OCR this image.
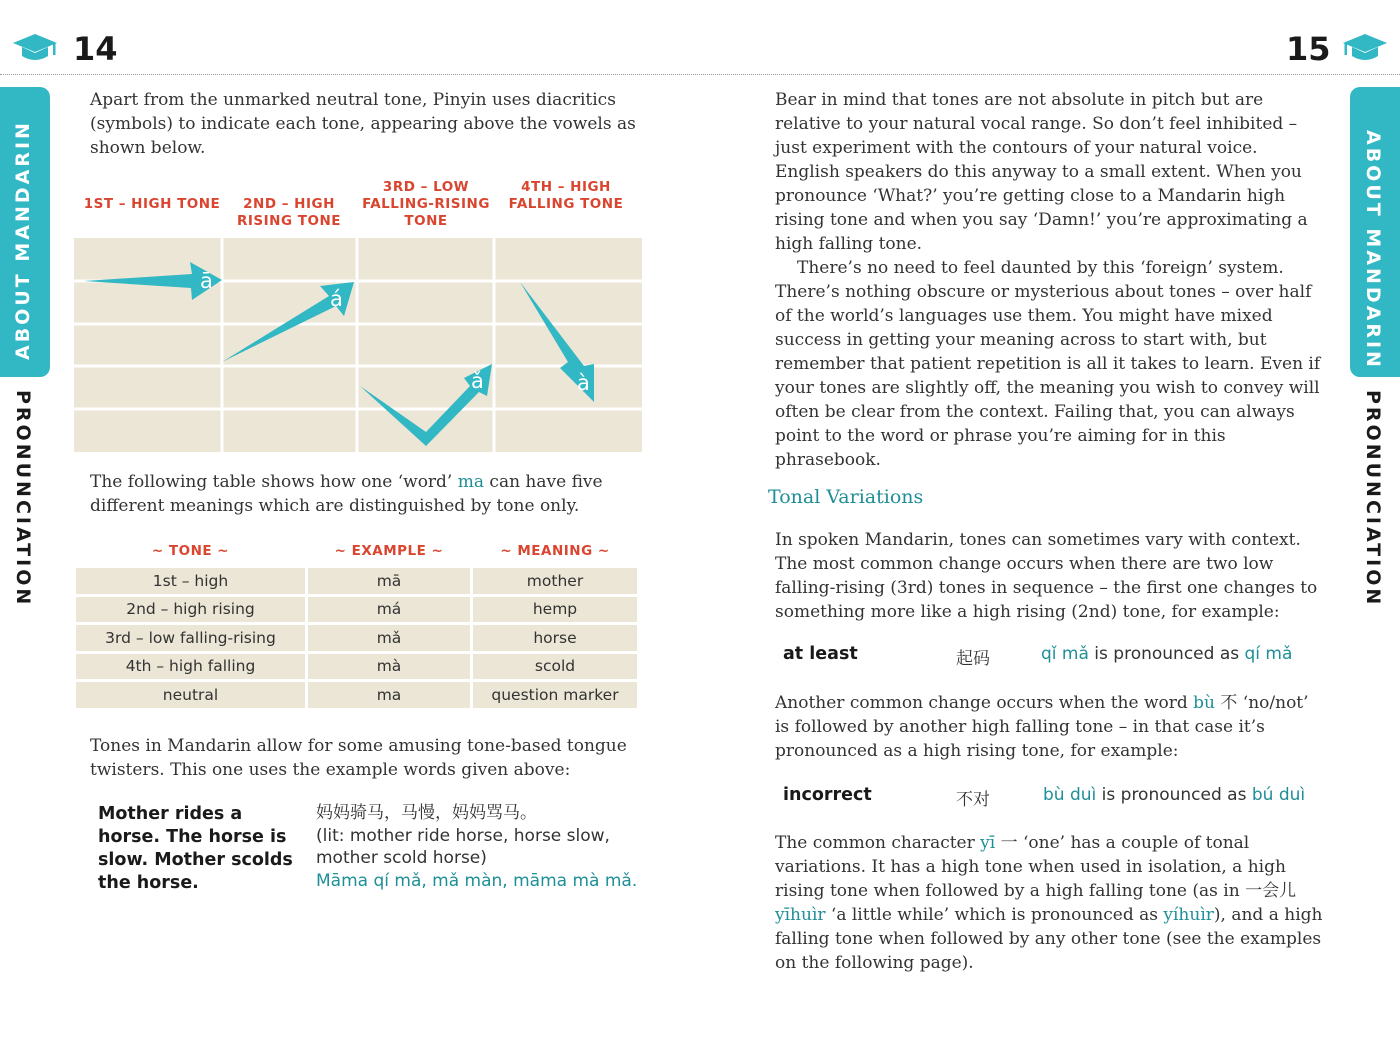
14	15
ABOUT MANDARIN
PRONUNCIATION
ABOUT MANDARIN
PRONUNCIATION

Apart from the unmarked neutral tone, Pinyin uses diacritics (symbols) to indicate each tone, appearing above the vowels as shown below.

1ST – HIGH TONE	2ND – HIGH RISING TONE
3RD – LOW FALLING-RISING TONE
4TH – HIGH FALLING TONE
ā
á
ǎ	à

The following table shows how one ‘word’ ma can have five different meanings which are distinguished by tone only.

~ TONE ~	~ EXAMPLE ~	~ MEANING ~
1st – high	mā	mother
2nd – high rising	má	hemp
3rd – low falling-rising	mǎ	horse
4th – high falling	mà	scold
neutral	ma	question marker

Tones in Mandarin allow for some amusing tone-based tongue twisters. This one uses the example words given above:

Mother rides a horse. The horse is slow. Mother scolds the horse.
妈妈骑马，马慢，妈妈骂马。
(lit: mother ride horse, horse slow, mother scold horse)
Māma qí mǎ, mǎ màn, māma mà mǎ.

Bear in mind that tones are not absolute in pitch but are relative to your natural vocal range. So don’t feel inhibited – just experiment with the contours of your natural voice. English speakers do this anyway to a small extent. When you pronounce ‘What?’ you’re getting close to a Mandarin high rising tone and when you say ‘Damn!’ you’re approximating a high falling tone.

There’s no need to feel daunted by this ‘foreign’ system. There’s nothing obscure or mysterious about tones – over half of the world’s languages use them. You might have mixed success in getting your meaning across to start with, but remember that patient repetition is all it takes to learn. Even if your tones are slightly off, the meaning you wish to convey will often be clear from the context. Failing that, you can always point to the word or phrase you’re aiming for in this phrasebook.

Tonal Variations

In spoken Mandarin, tones can sometimes vary with context. The most common change occurs when there are two low falling-rising (3rd) tones in sequence – the first one changes to something more like a high rising (2nd) tone, for example:

at least	起码	qǐ mǎ is pronounced as qí mǎ

Another common change occurs when the word bù 不 ‘no/not’ is followed by another high falling tone – in that case it’s pronounced as a high rising tone, for example:

incorrect	不对	bù duì is pronounced as bú duì

The common character yī 一 ‘one’ has a couple of tonal variations. It has a high tone when used in isolation, a high rising tone when followed by a high falling tone (as in 一会儿 yīhuìr ‘a little while’ which is pronounced as yíhuìr), and a high falling tone when followed by any other tone (see the examples on the following page).
